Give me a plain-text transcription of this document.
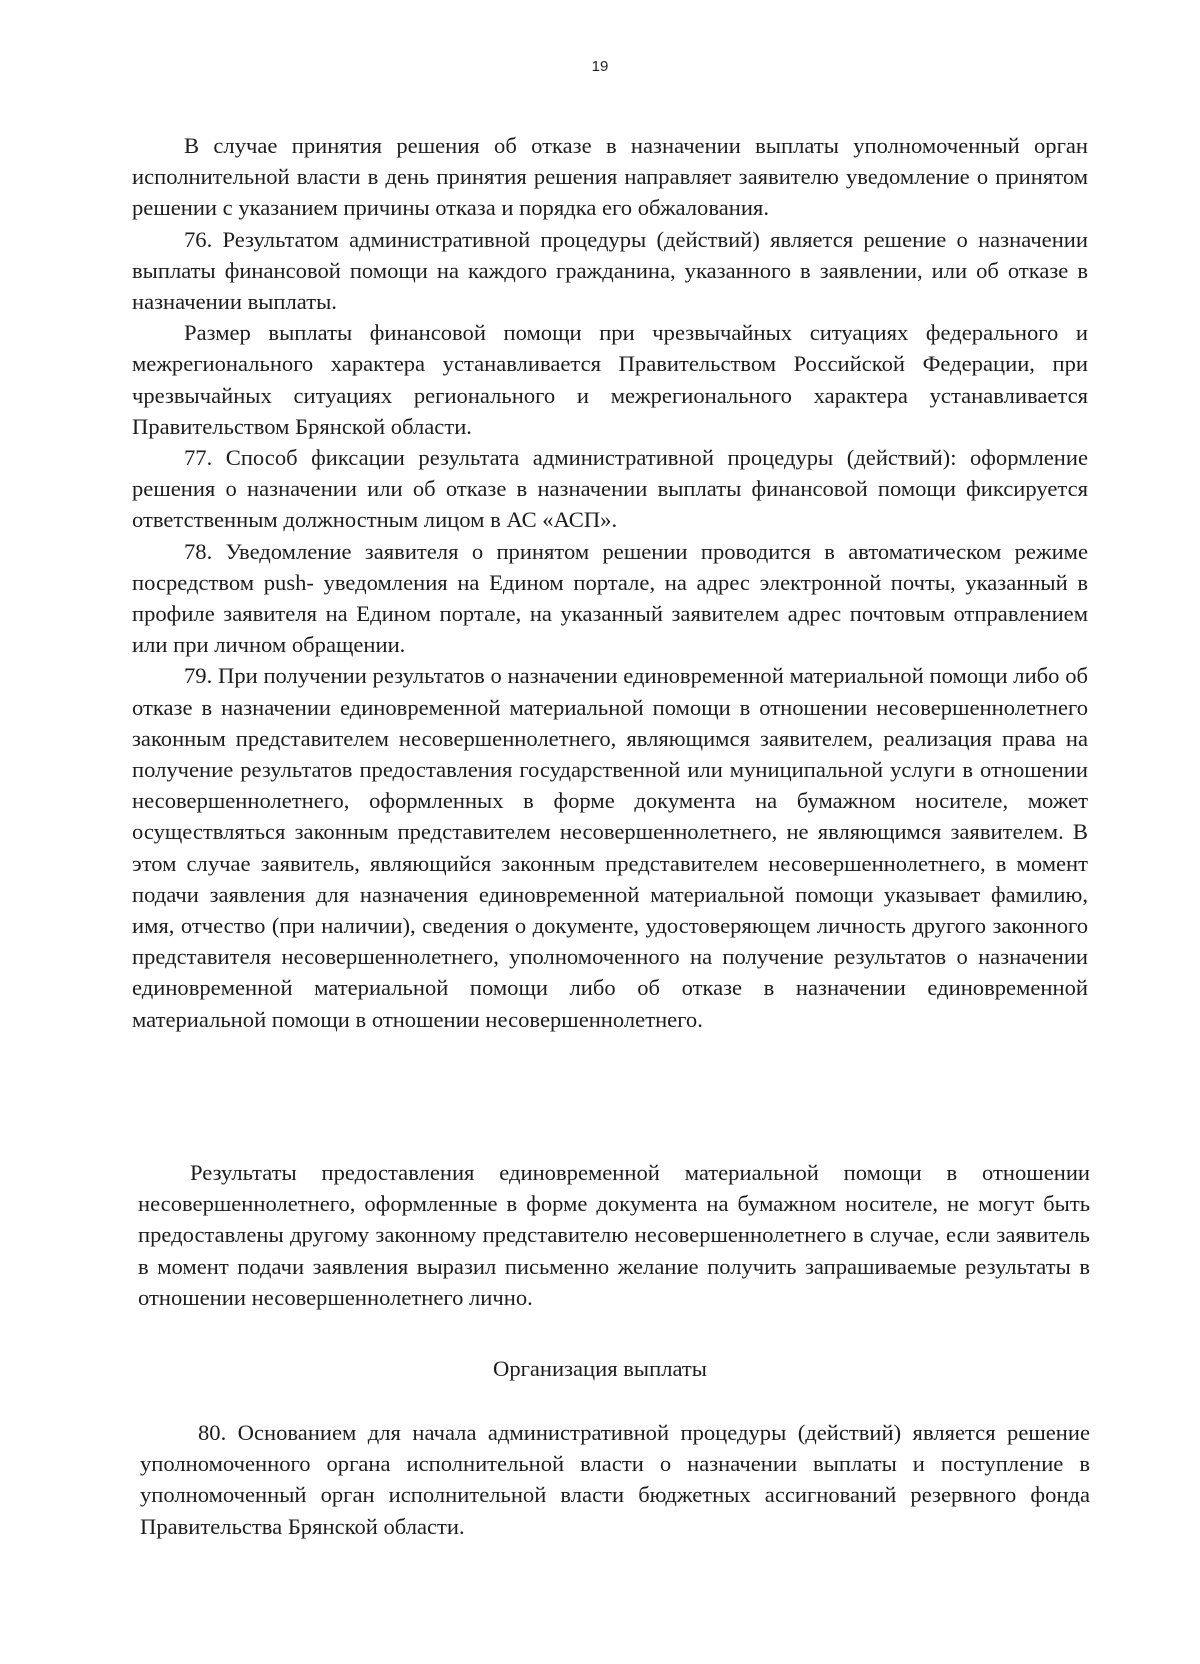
19

В случае принятия решения об отказе в назначении выплаты уполномоченный орган исполнительной власти в день принятия решения направляет заявителю уведомление о принятом решении с указанием причины отказа и порядка его обжалования.

76. Результатом административной процедуры (действий) является решение о назначении выплаты финансовой помощи на каждого гражданина, указанного в заявлении, или об отказе в назначении выплаты.

Размер выплаты финансовой помощи при чрезвычайных ситуациях федерального и межрегионального характера устанавливается Правительством Российской Федерации, при чрезвычайных ситуациях регионального и межрегионального характера устанавливается Правительством Брянской области.

77. Способ фиксации результата административной процедуры (действий): оформление решения о назначении или об отказе в назначении выплаты финансовой помощи фиксируется ответственным должностным лицом в АС «АСП».

78. Уведомление заявителя о принятом решении проводится в автоматическом режиме посредством push- уведомления на Едином портале, на адрес электронной почты, указанный в профиле заявителя на Едином портале, на указанный заявителем адрес почтовым отправлением или при личном обращении.

79. При получении результатов о назначении единовременной материальной помощи либо об отказе в назначении единовременной материальной помощи в отношении несовершеннолетнего законным представителем несовершеннолетнего, являющимся заявителем, реализация права на получение результатов предоставления государственной или муниципальной услуги в отношении несовершеннолетнего, оформленных в форме документа на бумажном носителе, может осуществляться законным представителем несовершеннолетнего, не являющимся заявителем. В этом случае заявитель, являющийся законным представителем несовершеннолетнего, в момент подачи заявления для назначения единовременной материальной помощи указывает фамилию, имя, отчество (при наличии), сведения о документе, удостоверяющем личность другого законного представителя несовершеннолетнего, уполномоченного на получение результатов о назначении единовременной материальной помощи либо об отказе в назначении единовременной материальной помощи в отношении несовершеннолетнего.

Результаты предоставления единовременной материальной помощи в отношении несовершеннолетнего, оформленные в форме документа на бумажном носителе, не могут быть предоставлены другому законному представителю несовершеннолетнего в случае, если заявитель в момент подачи заявления выразил письменно желание получить запрашиваемые результаты в отношении несовершеннолетнего лично.

Организация выплаты

80. Основанием для начала административной процедуры (действий) является решение уполномоченного органа исполнительной власти о назначении выплаты и поступление в уполномоченный орган исполнительной власти бюджетных ассигнований резервного фонда Правительства Брянской области.
